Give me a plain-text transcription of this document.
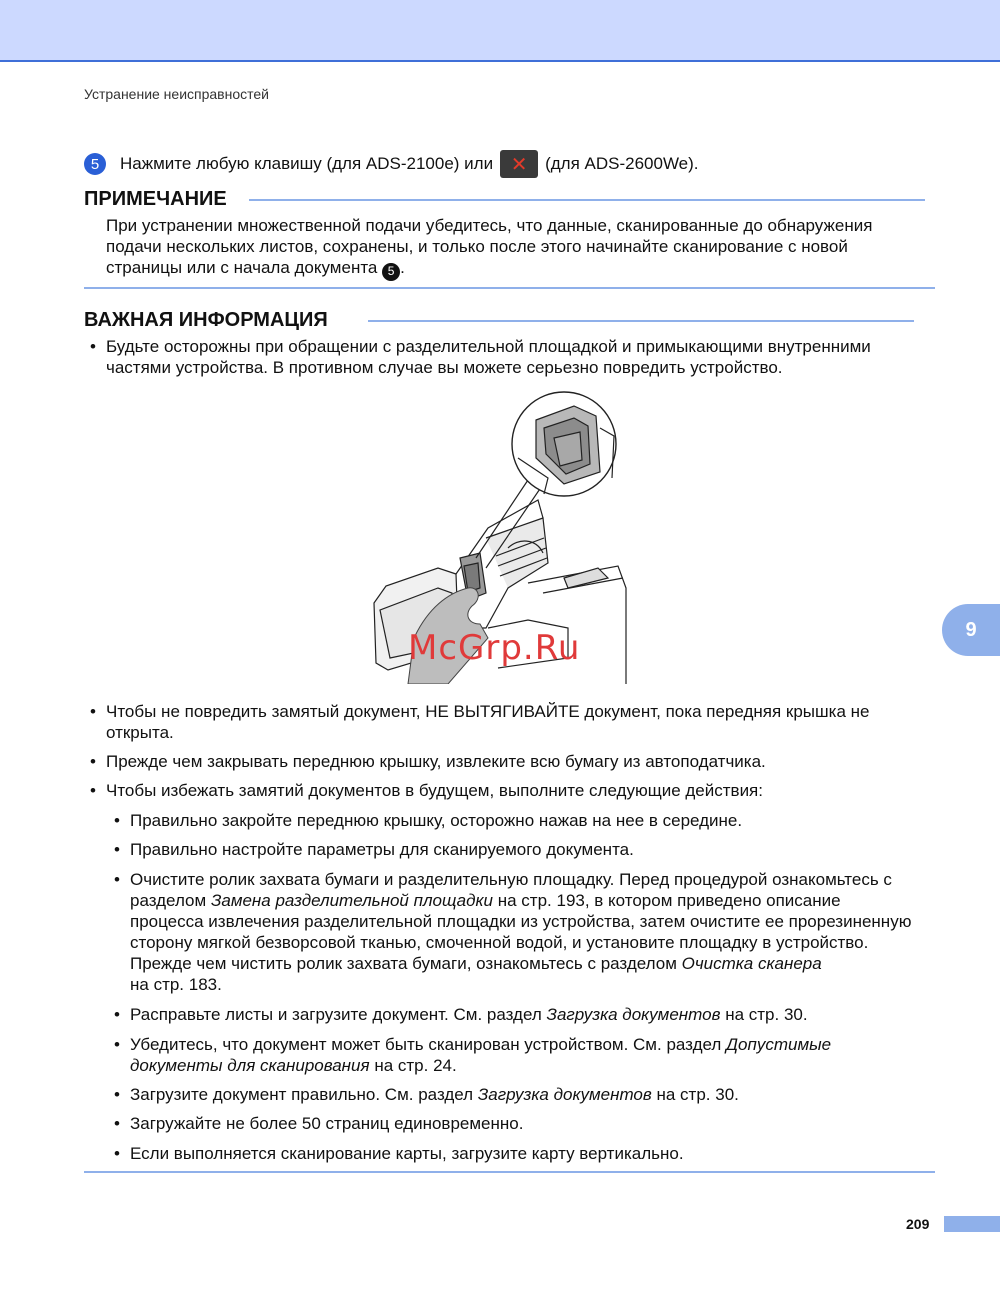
Устранение неисправностей
5	Нажмите любую клавишу (для ADS-2100e) или ✕	(для ADS-2600We).
ПРИМЕЧАНИЕ
При устранении множественной подачи убедитесь, что данные, сканированные до обнаружения
подачи нескольких листов, сохранены, и только после этого начинайте сканирование с новой
страницы или с начала документа 5 .
ВАЖНАЯ ИНФОРМАЦИЯ
• Будьте осторожны при обращении с разделительной площадкой и примыкающими внутренними
частями устройства. В противном случае вы можете серьезно повредить устройство.
McGrp.Ru
• Чтобы не повредить замятый документ, НЕ ВЫТЯГИВАЙТЕ документ, пока передняя крышка не
открыта.
• Прежде чем закрывать переднюю крышку, извлеките всю бумагу из автоподатчика.
• Чтобы избежать замятий документов в будущем, выполните следующие действия:
• Правильно закройте переднюю крышку, осторожно нажав на нее в середине.
• Правильно настройте параметры для сканируемого документа.
• Очистите ролик захвата бумаги и разделительную площадку. Перед процедурой ознакомьтесь с
разделом Замена разделительной площадки на стр. 193, в котором приведено описание
процесса извлечения разделительной площадки из устройства, затем очистите ее прорезиненную
сторону мягкой безворсовой тканью, смоченной водой, и установите площадку в устройство.
Прежде чем чистить ролик захвата бумаги, ознакомьтесь с разделом Очистка сканера
на стр. 183.
• Расправьте листы и загрузите документ. См. раздел Загрузка документов на стр. 30.
• Убедитесь, что документ может быть сканирован устройством. См. раздел Допустимые
документы для сканирования на стр. 24.
• Загрузите документ правильно. См. раздел Загрузка документов на стр. 30.
• Загружайте не более 50 страниц единовременно.
• Если выполняется сканирование карты, загрузите карту вертикально.
9
209
